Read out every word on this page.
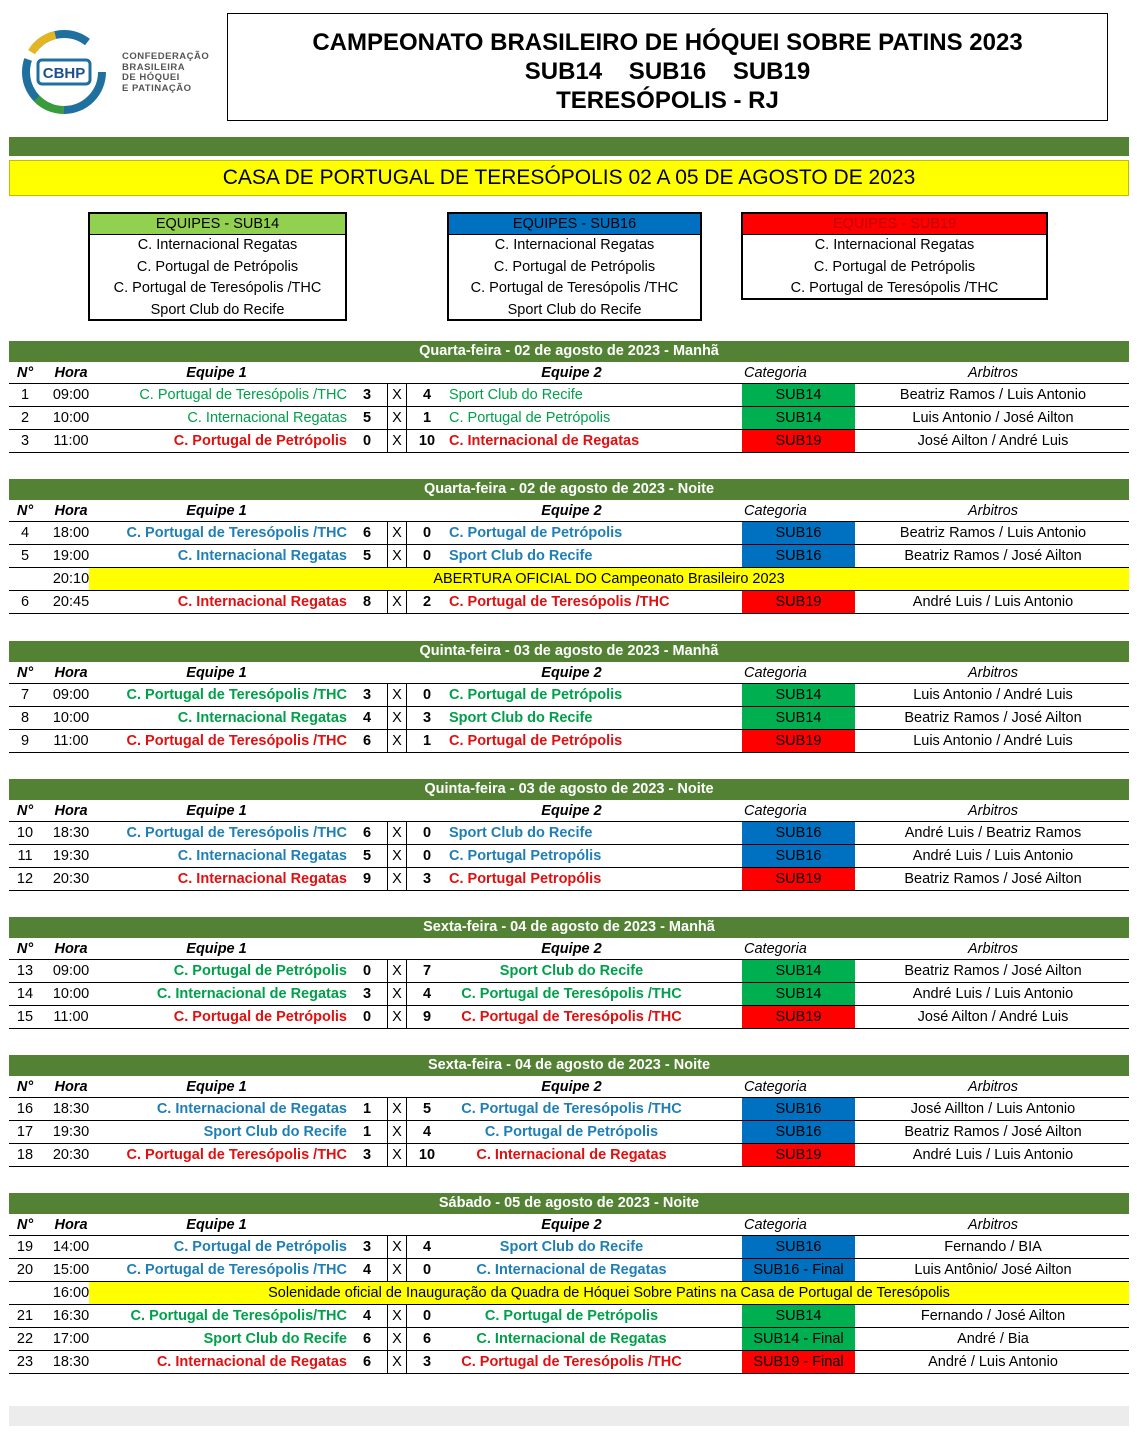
CBHP
CONFEDERAÇÃO
BRASILEIRA
DE HÓQUEI
E PATINAÇÃO
CAMPEONATO BRASILEIRO DE HÓQUEI SOBRE PATINS 2023
SUB14    SUB16    SUB19
TERESÓPOLIS - RJ
CASA DE PORTUGAL DE TERESÓPOLIS 02 A 05 DE AGOSTO DE 2023
EQUIPES - SUB14
C. Internacional Regatas
C. Portugal de Petrópolis
C. Portugal de Teresópolis /THC
Sport Club do Recife
EQUIPES - SUB16
C. Internacional Regatas
C. Portugal de Petrópolis
C. Portugal de Teresópolis /THC
Sport Club do Recife
EQUIPES - SUB19
C. Internacional Regatas
C. Portugal de Petrópolis
C. Portugal de Teresópolis /THC
Quarta-feira - 02 de agosto de 2023 - Manhã
N°	Hora	Equipe 1	Equipe 2	Categoria	Arbitros
1	09:00	C. Portugal de Teresópolis /THC	3	X	4	Sport Club do Recife	SUB14	Beatriz Ramos / Luis Antonio
2	10:00	C. Internacional Regatas	5	X	1	C. Portugal de Petrópolis	SUB14	Luis Antonio / José Ailton
3	11:00	C. Portugal de Petrópolis	0	X	10 C. Internacional de Regatas	SUB19	José Ailton / André Luis
Quarta-feira - 02 de agosto de 2023 - Noite
N°	Hora	Equipe 1	Equipe 2	Categoria	Arbitros
4	18:00	C. Portugal de Teresópolis /THC	6	X	0	C. Portugal de Petrópolis	SUB16	Beatriz Ramos / Luis Antonio
5	19:00	C. Internacional Regatas	5	X	0	Sport Club do Recife	SUB16	Beatriz Ramos / José Ailton
20:10	ABERTURA OFICIAL DO Campeonato Brasileiro 2023
6	20:45	C. Internacional Regatas	8	X	2	C. Portugal de Teresópolis /THC	SUB19	André Luis / Luis Antonio
Quinta-feira - 03 de agosto de 2023 - Manhã
N°	Hora	Equipe 1	Equipe 2	Categoria	Arbitros
7	09:00	C. Portugal de Teresópolis /THC	3	X	0	C. Portugal de Petrópolis	SUB14	Luis Antonio / André Luis
8	10:00	C. Internacional Regatas	4	X	3	Sport Club do Recife	SUB14	Beatriz Ramos / José Ailton
9	11:00	C. Portugal de Teresópolis /THC	6	X	1	C. Portugal de Petrópolis	SUB19	Luis Antonio / André Luis
Quinta-feira - 03 de agosto de 2023 - Noite
N°	Hora	Equipe 1	Equipe 2	Categoria	Arbitros
10	18:30	C. Portugal de Teresópolis /THC	6	X	0	Sport Club do Recife	SUB16	André Luis / Beatriz Ramos
11	19:30	C. Internacional Regatas	5	X	0	C. Portugal Petropólis	SUB16	André Luis / Luis Antonio
12	20:30	C. Internacional Regatas	9	X	3	C. Portugal Petropólis	SUB19	Beatriz Ramos / José Ailton
Sexta-feira - 04 de agosto de 2023 - Manhã
N°	Hora	Equipe 1	Equipe 2	Categoria	Arbitros
13	09:00	C. Portugal de Petrópolis	0	X	7	Sport Club do Recife	SUB14	Beatriz Ramos / José Ailton
14	10:00	C. Internacional de Regatas	3	X	4	C. Portugal de Teresópolis /THC	SUB14	André Luis / Luis Antonio
15	11:00	C. Portugal de Petrópolis	0	X	9	C. Portugal de Teresópolis /THC	SUB19	José Ailton / André Luis
Sexta-feira - 04 de agosto de 2023 - Noite
N°	Hora	Equipe 1	Equipe 2	Categoria	Arbitros
16	18:30	C. Internacional de Regatas	1	X	5	C. Portugal de Teresópolis /THC	SUB16	José Aillton / Luis Antonio
17	19:30	Sport Club do Recife	1	X	4	C. Portugal de Petrópolis	SUB16	Beatriz Ramos / José Ailton
18	20:30	C. Portugal de Teresópolis /THC	3	X	10	C. Internacional de Regatas	SUB19	André Luis / Luis Antonio
Sábado - 05 de agosto de 2023 - Noite
N°	Hora	Equipe 1	Equipe 2	Categoria	Arbitros
19	14:00	C. Portugal de Petrópolis	3	X	4	Sport Club do Recife	SUB16	Fernando / BIA
20	15:00	C. Portugal de Teresópolis /THC	4	X	0	C. Internacional de Regatas	SUB16 - Final	Luis Antônio/ José Ailton
16:00	Solenidade oficial de Inauguração da Quadra de Hóquei Sobre Patins na Casa de Portugal de Teresópolis
21	16:30	C. Portugal de Teresópolis/THC	4	X	0	C. Portugal de Petrópolis	SUB14	Fernando / José Ailton
22	17:00	Sport Club do Recife	6	X	6	C. Internacional de Regatas	SUB14 - Final	André / Bia
23	18:30	C. Internacional de Regatas	6	X	3	C. Portugal de Teresópolis /THC	SUB19 - Final	André / Luis Antonio
